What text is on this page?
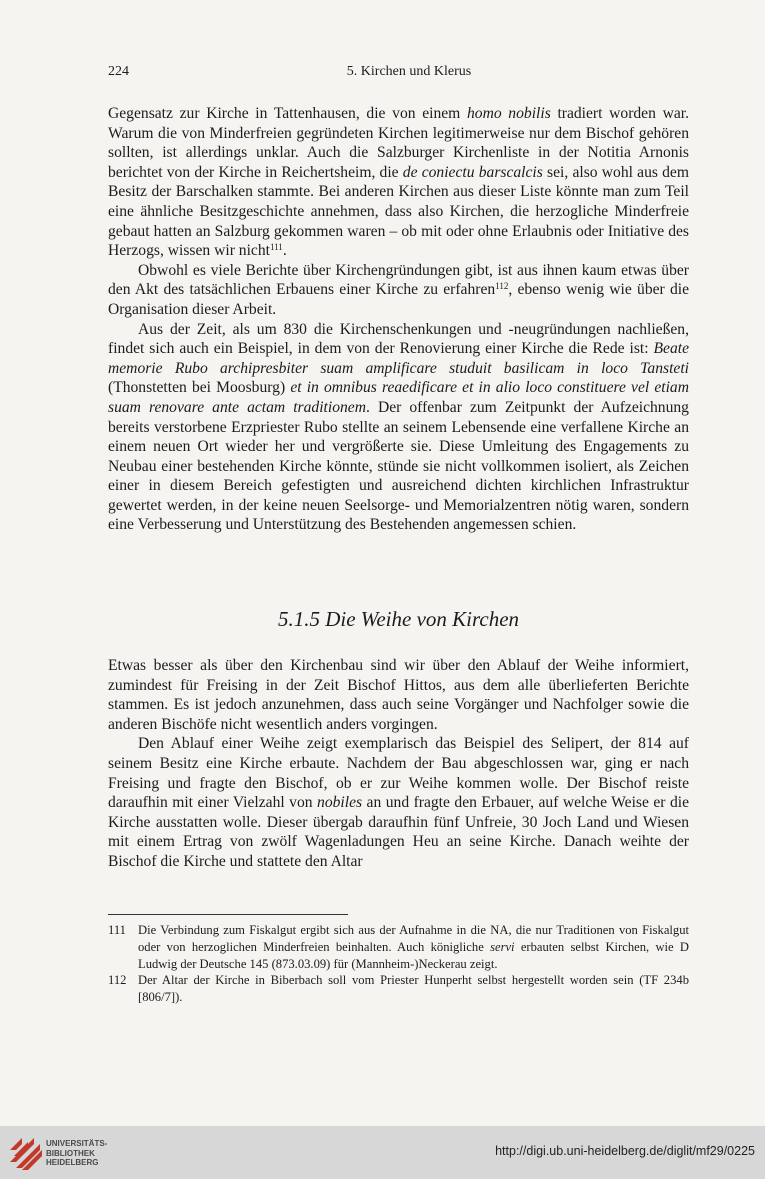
224	5. Kirchen und Klerus

Gegensatz zur Kirche in Tattenhausen, die von einem homo nobilis tradiert worden war. Warum die von Minderfreien gegründeten Kirchen legitimerweise nur dem Bischof gehören sollten, ist allerdings unklar. Auch die Salzburger Kirchenliste in der Notitia Arnonis berichtet von der Kirche in Reichertsheim, die de coniectu barscalcis sei, also wohl aus dem Besitz der Barschalken stammte. Bei anderen Kirchen aus dieser Liste könnte man zum Teil eine ähnliche Besitzgeschichte annehmen, dass also Kirchen, die herzogliche Minderfreie gebaut hatten an Salzburg gekommen waren – ob mit oder ohne Erlaubnis oder Initiative des Herzogs, wissen wir nicht$^{111}$.

Obwohl es viele Berichte über Kirchengründungen gibt, ist aus ihnen kaum etwas über den Akt des tatsächlichen Erbauens einer Kirche zu erfahren$^{112}$, ebenso wenig wie über die Organisation dieser Arbeit.

Aus der Zeit, als um 830 die Kirchenschenkungen und -neugründungen nachließen, findet sich auch ein Beispiel, in dem von der Renovierung einer Kirche die Rede ist: Beate memorie Rubo archipresbiter suam amplificare studuit basilicam in loco Tansteti (Thonstetten bei Moosburg) et in omnibus reaedificare et in alio loco constituere vel etiam suam renovare ante actam traditionem. Der offenbar zum Zeitpunkt der Aufzeichnung bereits verstorbene Erzpriester Rubo stellte an seinem Lebensende eine verfallene Kirche an einem neuen Ort wieder her und vergrößerte sie. Diese Umleitung des Engagements zu Neubau einer bestehenden Kirche könnte, stünde sie nicht vollkommen isoliert, als Zeichen einer in diesem Bereich gefestigten und ausreichend dichten kirchlichen Infrastruktur gewertet werden, in der keine neuen Seelsorge- und Memorialzentren nötig waren, sondern eine Verbesserung und Unterstützung des Bestehenden angemessen schien.

5.1.5 Die Weihe von Kirchen

Etwas besser als über den Kirchenbau sind wir über den Ablauf der Weihe informiert, zumindest für Freising in der Zeit Bischof Hittos, aus dem alle überlieferten Berichte stammen. Es ist jedoch anzunehmen, dass auch seine Vorgänger und Nachfolger sowie die anderen Bischöfe nicht wesentlich anders vorgingen.

Den Ablauf einer Weihe zeigt exemplarisch das Beispiel des Selipert, der 814 auf seinem Besitz eine Kirche erbaute. Nachdem der Bau abgeschlossen war, ging er nach Freising und fragte den Bischof, ob er zur Weihe kommen wolle. Der Bischof reiste daraufhin mit einer Vielzahl von nobiles an und fragte den Erbauer, auf welche Weise er die Kirche ausstatten wolle. Dieser übergab daraufhin fünf Unfreie, 30 Joch Land und Wiesen mit einem Ertrag von zwölf Wagenladungen Heu an seine Kirche. Danach weihte der Bischof die Kirche und stattete den Altar

111 Die Verbindung zum Fiskalgut ergibt sich aus der Aufnahme in die NA, die nur Traditionen von Fiskalgut oder von herzoglichen Minderfreien beinhalten. Auch königliche servi erbauten selbst Kirchen, wie D Ludwig der Deutsche 145 (873.03.09) für (Mannheim-)Neckerau zeigt.

112 Der Altar der Kirche in Biberbach soll vom Priester Hunperht selbst hergestellt worden sein (TF 234b [806/7]).

UNIVERSITÄTS-
BIBLIOTHEK
HEIDELBERG
http://digi.ub.uni-heidelberg.de/diglit/mf29/0225
